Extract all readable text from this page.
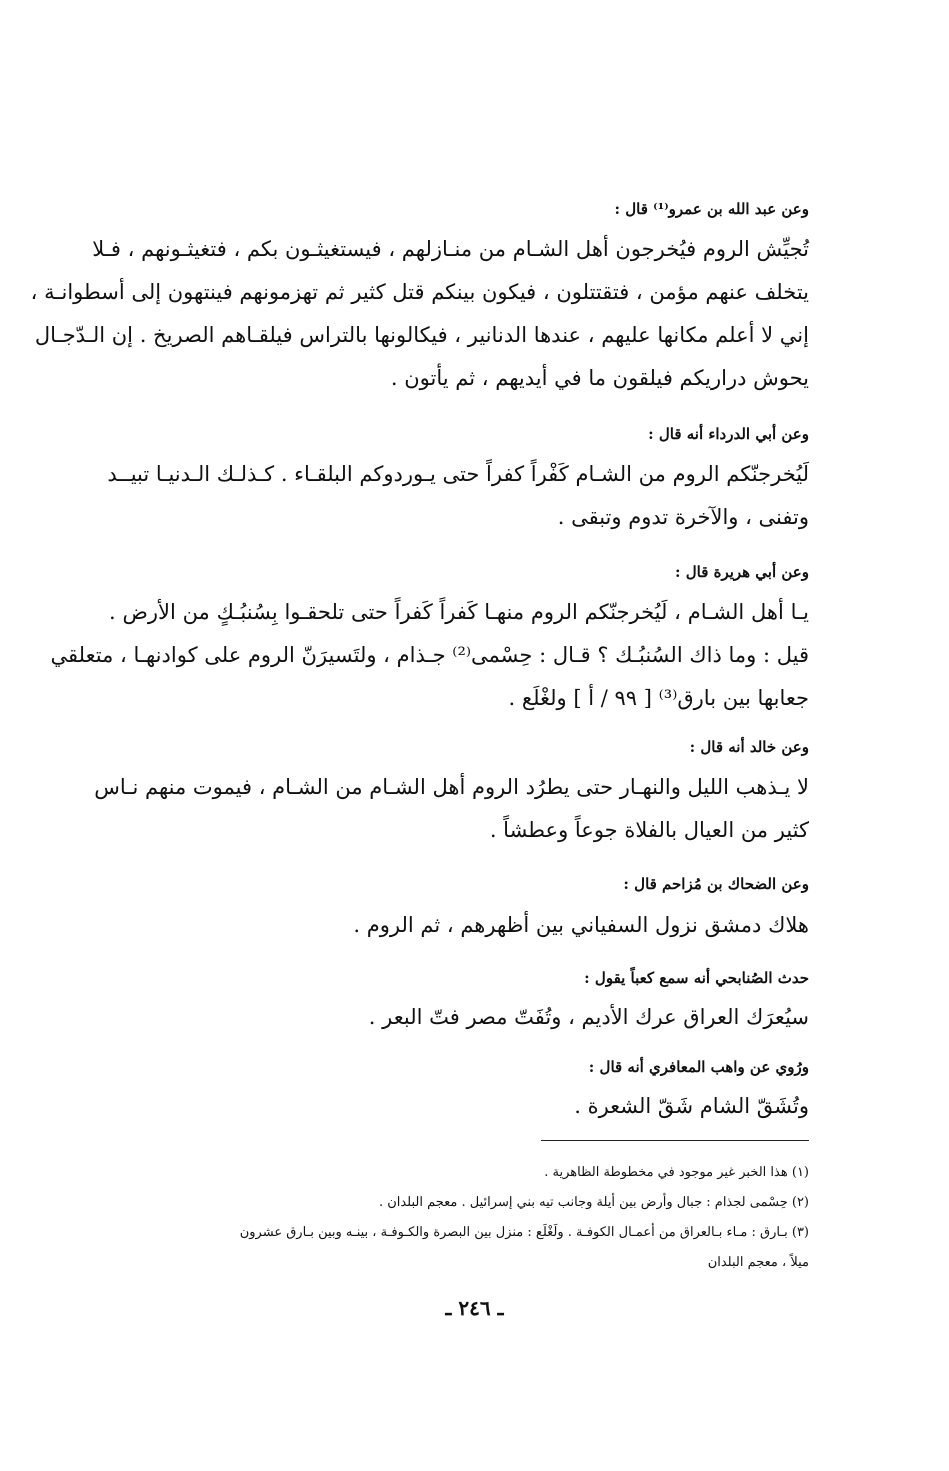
وعن عبد الله بن عمرو⁽¹⁾ قال :
تُجيِّش الروم فيُخرجون أهل الشـام من منـازلهم ، فيستغيثـون بكم ، فتغيثـونهم ، فـلا
يتخلف عنهم مؤمن ، فتقتتلون ، فيكون بينكم قتل كثير ثم تهزمونهم فينتهون إلى أسطوانـة ،
إني لا أعلم مكانها عليهم ، عندها الدنانير ، فيكالونها بالتراس فيلقـاهم الصريخ . إن الـدّجـال
يحوش دراريكم فيلقون ما في أيديهم ، ثم يأتون .
وعن أبي الدرداء أنه قال :
لَيُخرجنّكم الروم من الشـام كَفْراً كفراً حتى يـوردوكم البلقـاء . كـذلـك الـدنيـا تبيــد
وتفنى ، والآخرة تدوم وتبقى .
وعن أبي هريرة قال :
يـا أهل الشـام ، لَيُخرجنّكم الروم منهـا كَفراً كَفراً حتى تلحقـوا بِسُنبُـكٍ من الأرض .
قيل : وما ذاك السُنبُـك ؟ قـال : حِسْمى⁽²⁾ جـذام ، ولتَسيرَنّ الروم على كوادنهـا ، متعلقي
جعابها بين بارق⁽³⁾ [ ٩٩ / أ ] ولغْلَع .
وعن خالد أنه قال :
لا يـذهب الليل والنهـار حتى يطرُد الروم أهل الشـام من الشـام ، فيموت منهم نـاس
كثير من العيال بالفلاة جوعاً وعطشاً .
وعن الضحاك بن مُزاحم قال :
هلاك دمشق نزول السفياني بين أظهرهم ، ثم الروم .
حدث الصُنابحي أنه سمع كعباً يقول :
سيُعرَك العراق عرك الأديم ، وتُفَتّ مصر فتّ البعر .
ورُوي عن واهب المعافري أنه قال :
وتُشَقّ الشام شَقّ الشعرة .
(١) هذا الخبر غير موجود في مخطوطة الظاهرية .
(٢) حِسْمى لجذام : جبال وأرض بين أيلة وجانب تيه بني إسرائيل . معجم البلدان .
(٣) بـارق : مـاء بـالعراق من أعمـال الكوفـة . ولَغْلَع : منزل بين البصرة والكـوفـة ، بينـه وبين بـارق عشرون
ميلاً ، معجم البلدان
ـ ٢٤٦ ـ
